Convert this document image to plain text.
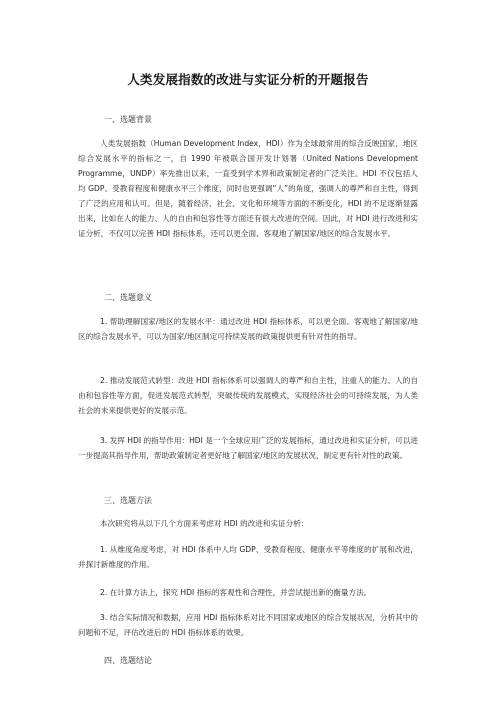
人类发展指数的改进与实证分析的开题报告
一、选题背景

人类发展指数（Human Development Index，HDI）作为全球最常用的综合反映国家、地区综合发展水平的指标之一，自 1990 年被联合国开发计划署（United Nations Development Programme，UNDP）率先推出以来，一直受到学术界和政策制定者的广泛关注。HDI 不仅包括人均 GDP、受教育程度和健康水平三个维度，同时也更强调“人”的角度，强调人的尊严和自主性，得到了广泛的应用和认可。但是，随着经济、社会、文化和环境等方面的不断变化，HDI 的不足逐渐显露出来，比如在人的能力、人的自由和包容性等方面还有很大改进的空间。因此，对 HDI 进行改进和实证分析，不仅可以完善 HDI 指标体系，还可以更全面、客观地了解国家/地区的综合发展水平。

二、选题意义

1. 帮助理解国家/地区的发展水平：通过改进 HDI 指标体系，可以更全面、客观地了解国家/地区的综合发展水平，可以为国家/地区制定可持续发展的政策提供更有针对性的指导。

2. 推动发展范式转型：改进 HDI 指标体系可以强调人的尊严和自主性，注重人的能力、人的自由和包容性等方面，促进发展范式转型，突破传统的发展模式，实现经济社会的可持续发展，为人类社会的未来提供更好的发展示范。

3. 发挥 HDI 的指导作用：HDI 是一个全球应用广泛的发展指标，通过改进和实证分析，可以进一步提高其指导作用，帮助政策制定者更好地了解国家/地区的发展状况，制定更有针对性的政策。

三、选题方法

本次研究将从以下几个方面来考虑对 HDI 的改进和实证分析：

1. 从维度角度考虑，对 HDI 体系中人均 GDP、受教育程度、健康水平等维度的扩展和改进，并探讨新维度的作用。

2. 在计算方法上，探究 HDI 指标的客观性和合理性，并尝试提出新的衡量方法。

3. 结合实际情况和数据，应用 HDI 指标体系对比不同国家或地区的综合发展状况，分析其中的问题和不足，评估改进后的 HDI 指标体系的效果。

四、选题结论
